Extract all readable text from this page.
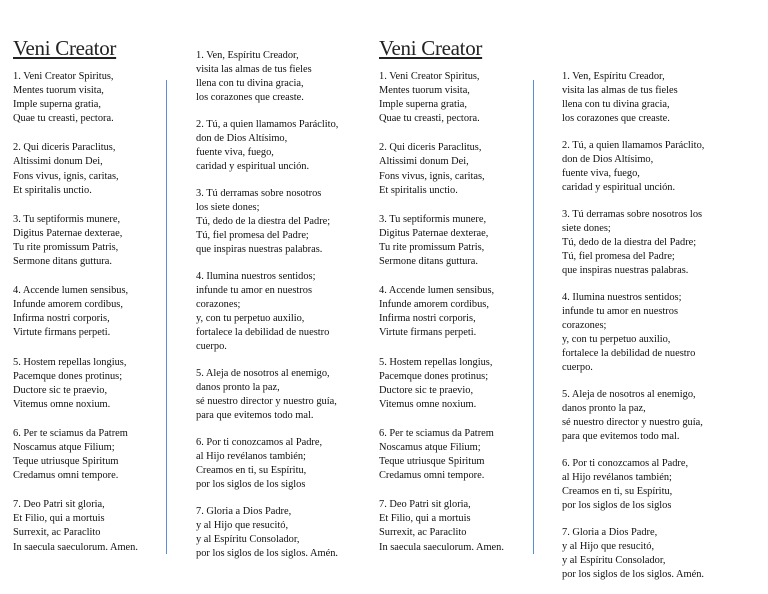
Veni Creator
1. Veni Creator Spiritus,
Mentes tuorum visita,
Imple superna gratia,
Quae tu creasti, pectora.
2. Qui diceris Paraclitus,
Altissimi donum Dei,
Fons vivus, ignis, caritas,
Et spiritalis unctio.
3. Tu septiformis munere,
Digitus Paternae dexterae,
Tu rite promissum Patris,
Sermone ditans guttura.
4. Accende lumen sensibus,
Infunde amorem cordibus,
Infirma nostri corporis,
Virtute firmans perpeti.
5. Hostem repellas longius,
Pacemque dones protinus;
Ductore sic te praevio,
Vitemus omne noxium.
6. Per te sciamus da Patrem
Noscamus atque Filium;
Teque utriusque Spiritum
Credamus omni tempore.
7. Deo Patri sit gloria,
Et Filio, qui a mortuis
Surrexit, ac Paraclito
In saecula saeculorum. Amen.
1. Ven, Espíritu Creador,
visita las almas de tus fieles
llena con tu divina gracia,
los corazones que creaste.
2. Tú, a quien llamamos Paráclito,
don de Dios Altísimo,
fuente viva, fuego,
caridad y espiritual unción.
3. Tú derramas sobre nosotros
los siete dones;
Tú, dedo de la diestra del Padre;
Tú, fiel promesa del Padre;
que inspiras nuestras palabras.
4. Ilumina nuestros sentidos;
infunde tu amor en nuestros
corazones;
y, con tu perpetuo auxilio,
fortalece la debilidad de nuestro
cuerpo.
5. Aleja de nosotros al enemigo,
danos pronto la paz,
sé nuestro director y nuestro guía,
para que evitemos todo mal.
6. Por ti conozcamos al Padre,
al Hijo revélanos también;
Creamos en ti, su Espíritu,
por los siglos de los siglos
7. Gloria a Dios Padre,
y al Hijo que resucitó,
y al Espíritu Consolador,
por los siglos de los siglos. Amén.
Veni Creator
1. Veni Creator Spiritus,
Mentes tuorum visita,
Imple superna gratia,
Quae tu creasti, pectora.
2. Qui diceris Paraclitus,
Altissimi donum Dei,
Fons vivus, ignis, caritas,
Et spiritalis unctio.
3. Tu septiformis munere,
Digitus Paternae dexterae,
Tu rite promissum Patris,
Sermone ditans guttura.
4. Accende lumen sensibus,
Infunde amorem cordibus,
Infirma nostri corporis,
Virtute firmans perpeti.
5. Hostem repellas longius,
Pacemque dones protinus;
Ductore sic te praevio,
Vitemus omne noxium.
6. Per te sciamus da Patrem
Noscamus atque Filium;
Teque utriusque Spiritum
Credamus omni tempore.
7. Deo Patri sit gloria,
Et Filio, qui a mortuis
Surrexit, ac Paraclito
In saecula saeculorum. Amen.
1. Ven, Espíritu Creador,
visita las almas de tus fieles
llena con tu divina gracia,
los corazones que creaste.
2. Tú, a quien llamamos Paráclito,
don de Dios Altísimo,
fuente viva, fuego,
caridad y espiritual unción.
3. Tú derramas sobre nosotros los
siete dones;
Tú, dedo de la diestra del Padre;
Tú, fiel promesa del Padre;
que inspiras nuestras palabras.
4. Ilumina nuestros sentidos;
infunde tu amor en nuestros
corazones;
y, con tu perpetuo auxilio,
fortalece la debilidad de nuestro
cuerpo.
5. Aleja de nosotros al enemigo,
danos pronto la paz,
sé nuestro director y nuestro guía,
para que evitemos todo mal.
6. Por ti conozcamos al Padre,
al Hijo revélanos también;
Creamos en ti, su Espíritu,
por los siglos de los siglos
7. Gloria a Dios Padre,
y al Hijo que resucitó,
y al Espíritu Consolador,
por los siglos de los siglos. Amén.
